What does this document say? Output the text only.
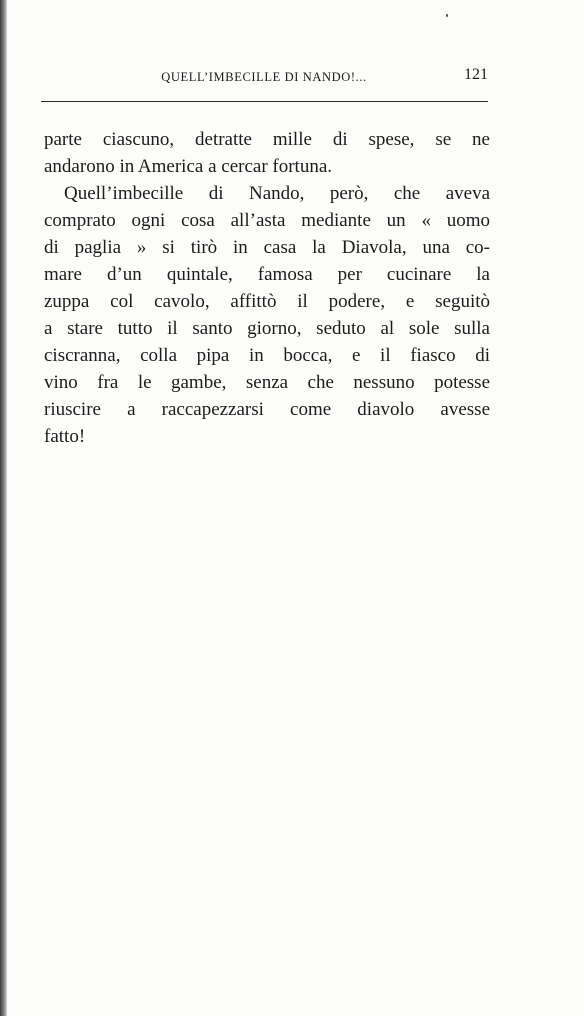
QUELL’IMBECILLE DI NANDO!...	121
parte ciascuno, detratte mille di spese, se ne
andarono in America a cercar fortuna.
Quell’imbecille di Nando, però, che aveva
comprato ogni cosa all’asta mediante un « uomo
di paglia » si tirò in casa la Diavola, una co-
mare d’un quintale, famosa per cucinare la
zuppa col cavolo, affittò il podere, e seguitò
a stare tutto il santo giorno, seduto al sole sulla
ciscranna, colla pipa in bocca, e il fiasco di
vino fra le gambe, senza che nessuno potesse
riuscire a raccapezzarsi come diavolo avesse
fatto!
